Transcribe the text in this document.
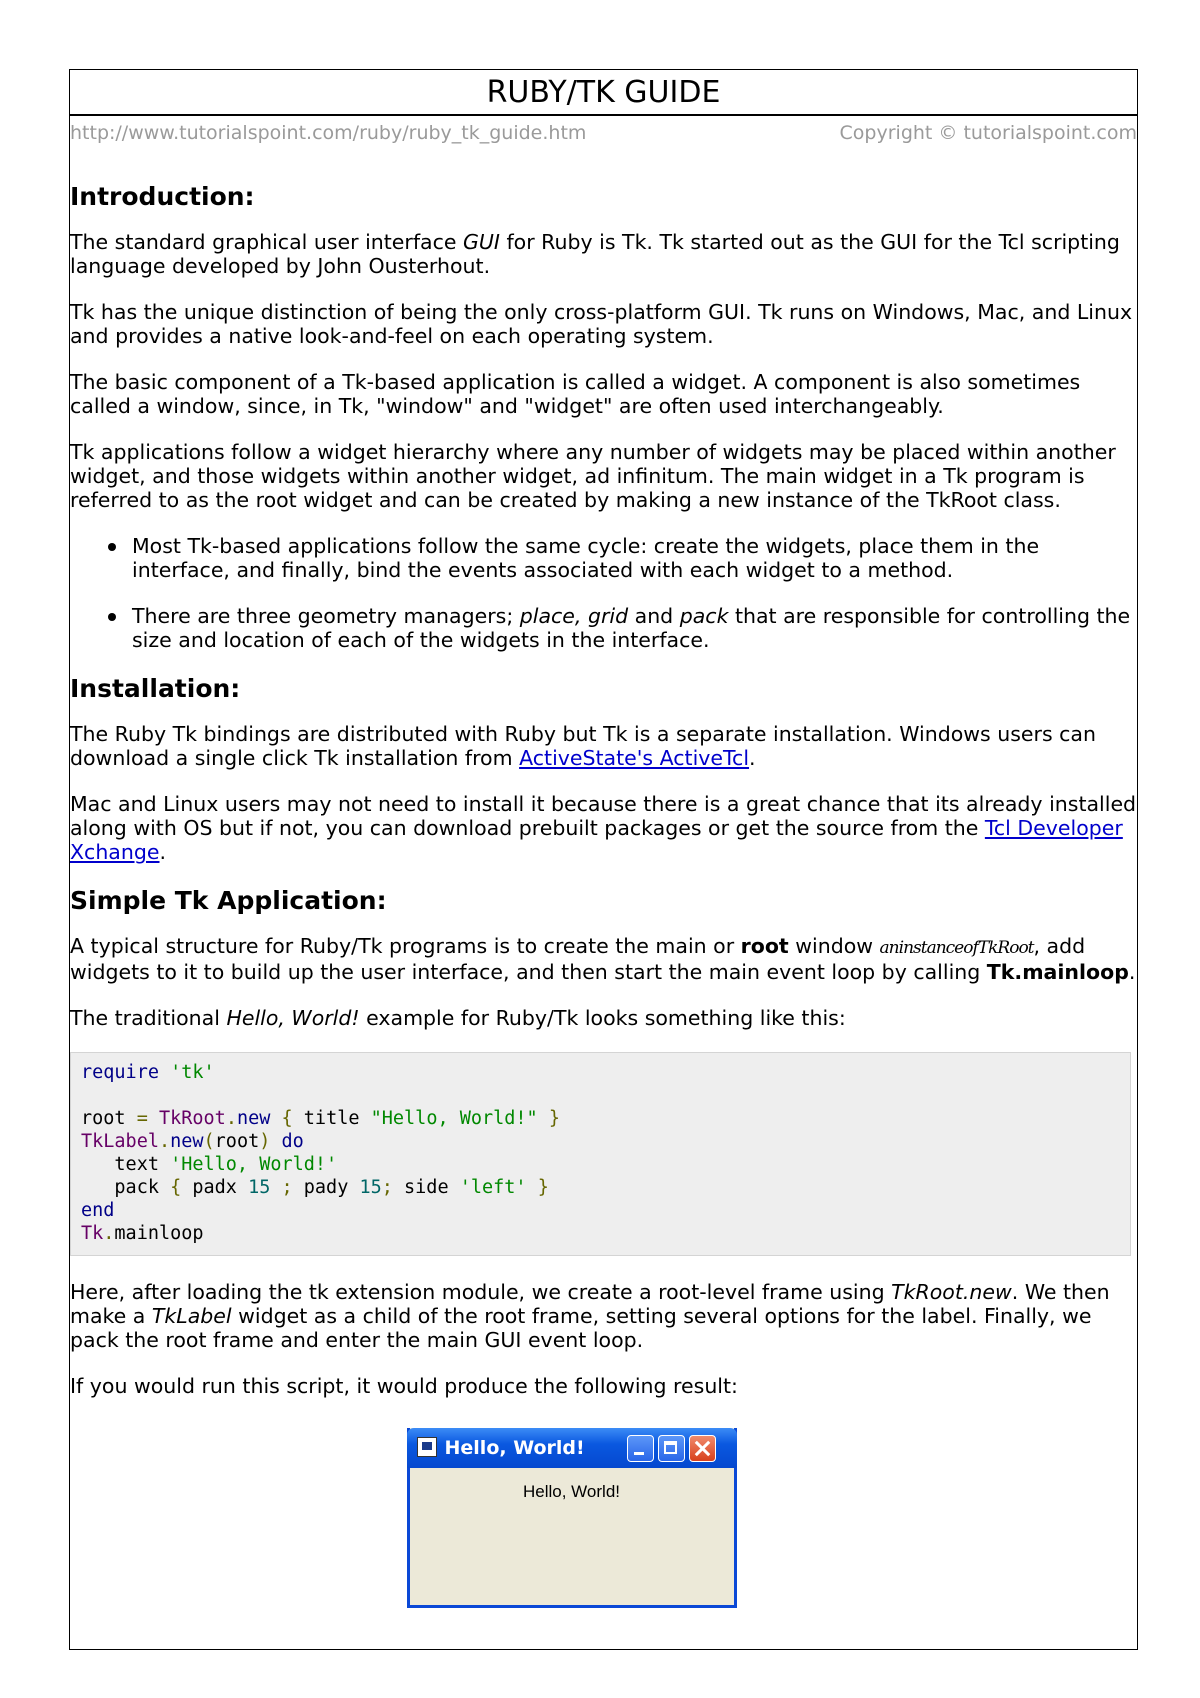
RUBY/TK GUIDE
http://www.tutorialspoint.com/ruby/ruby_tk_guide.htm	Copyright © tutorialspoint.com
Introduction:

The standard graphical user interface GUI for Ruby is Tk. Tk started out as the GUI for the Tcl scripting language developed by John Ousterhout.

Tk has the unique distinction of being the only cross-platform GUI. Tk runs on Windows, Mac, and Linux and provides a native look-and-feel on each operating system.

The basic component of a Tk-based application is called a widget. A component is also sometimes called a window, since, in Tk, "window" and "widget" are often used interchangeably.

Tk applications follow a widget hierarchy where any number of widgets may be placed within another widget, and those widgets within another widget, ad infinitum. The main widget in a Tk program is referred to as the root widget and can be created by making a new instance of the TkRoot class.

Most Tk-based applications follow the same cycle: create the widgets, place them in the interface, and finally, bind the events associated with each widget to a method.
There are three geometry managers; place, grid and pack that are responsible for controlling the size and location of each of the widgets in the interface.
Installation:

The Ruby Tk bindings are distributed with Ruby but Tk is a separate installation. Windows users can download a single click Tk installation from ActiveState's ActiveTcl.

Mac and Linux users may not need to install it because there is a great chance that its already installed along with OS but if not, you can download prebuilt packages or get the source from the Tcl Developer Xchange.

Simple Tk Application:

A typical structure for Ruby/Tk programs is to create the main or root window aninstanceofTkRoot, add widgets to it to build up the user interface, and then start the main event loop by calling Tk.mainloop.

The traditional Hello, World! example for Ruby/Tk looks something like this:

require 'tk'
root = TkRoot.new { title "Hello, World!" }
TkLabel.new(root) do
text 'Hello, World!'
pack { padx 15 ; pady 15; side 'left' }
end
Tk.mainloop

Here, after loading the tk extension module, we create a root-level frame using TkRoot.new. We then make a TkLabel widget as a child of the root frame, setting several options for the label. Finally, we pack the root frame and enter the main GUI event loop.

If you would run this script, it would produce the following result:

Hello, World!
Hello, World!
